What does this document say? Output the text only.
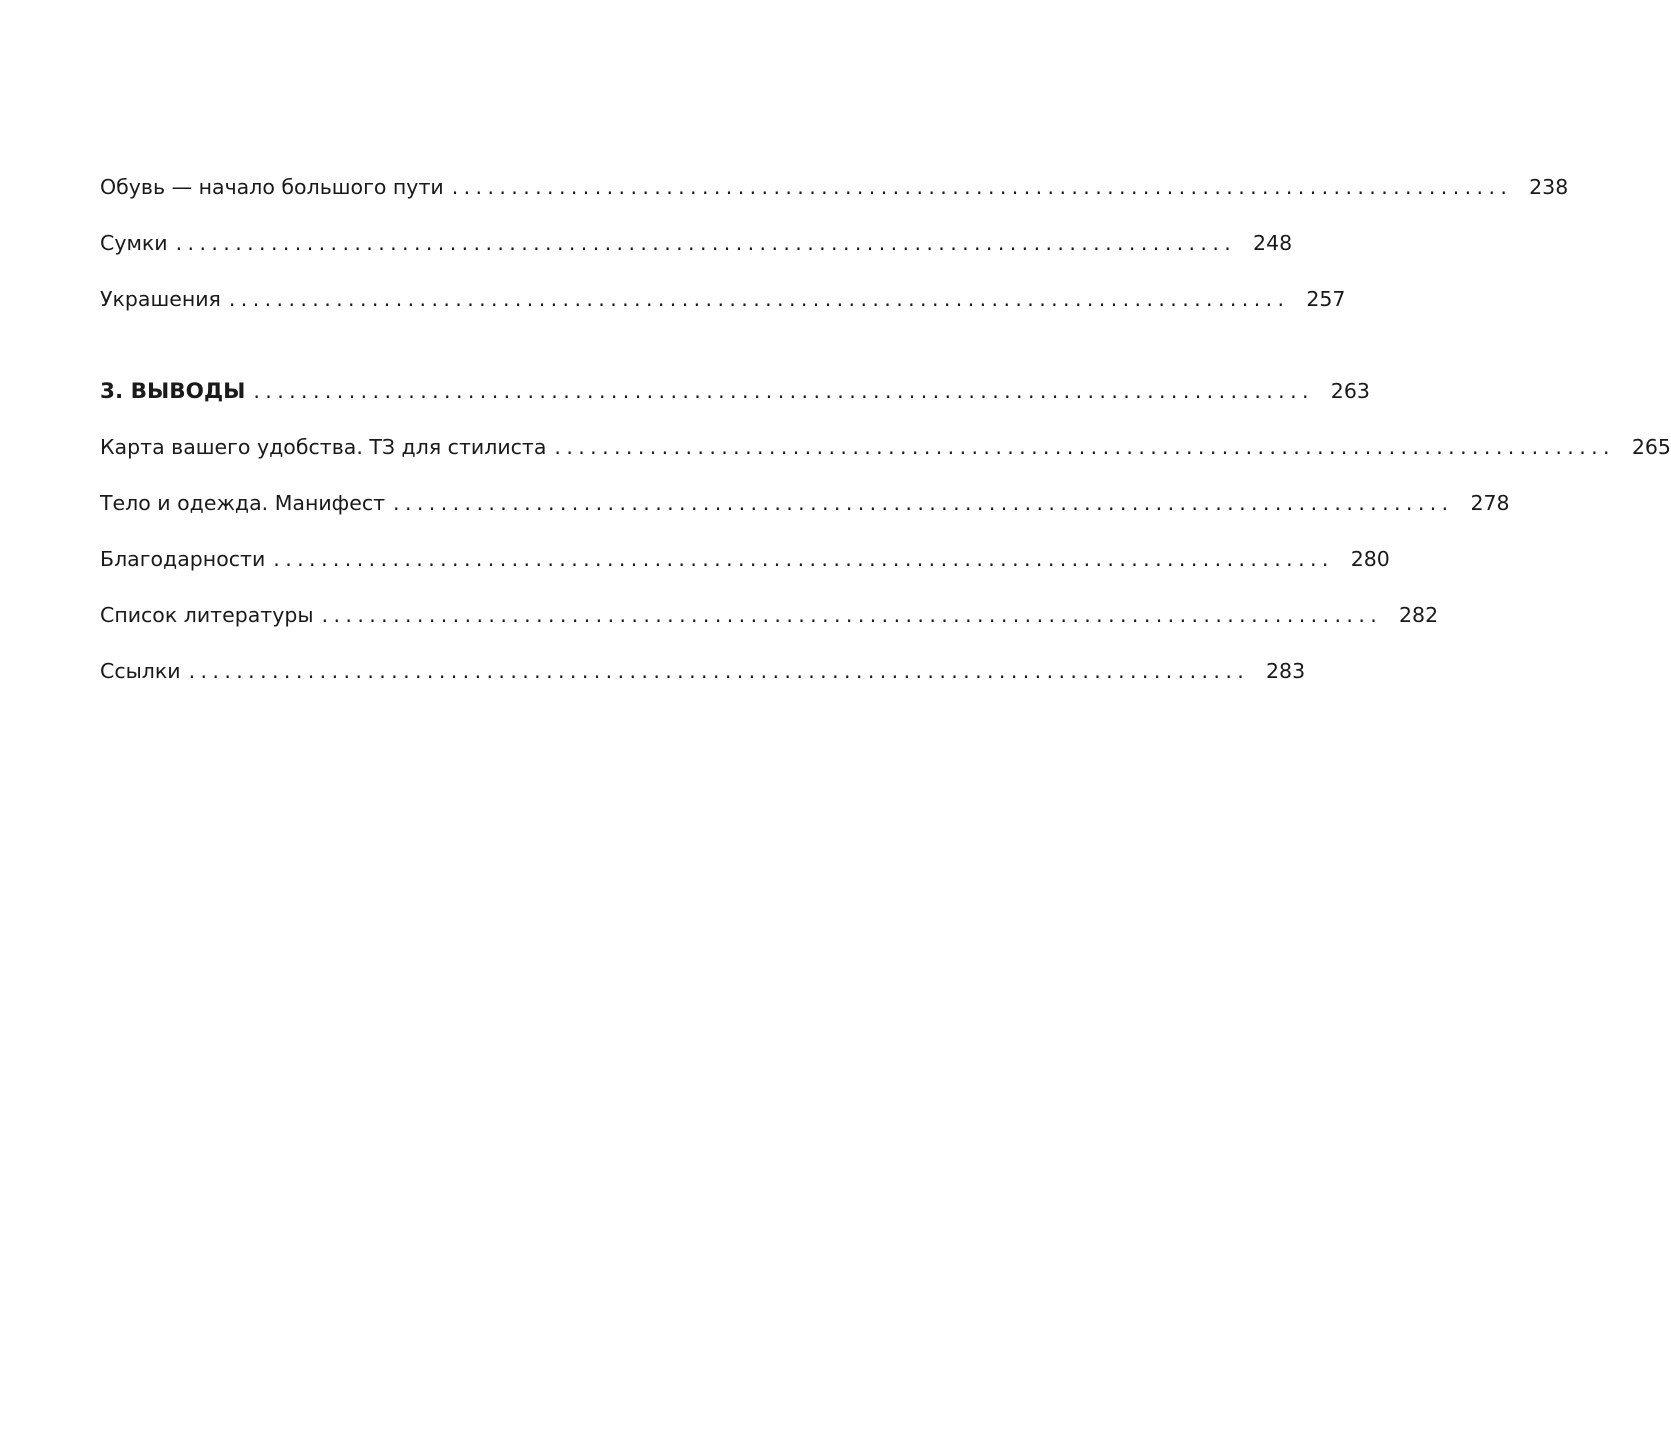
Обувь — начало большого пути ......................................................................................... 238
Сумки ......................................................................................... 248
Украшения ......................................................................................... 257
3. ВЫВОДЫ ......................................................................................... 263
Карта вашего удобства. ТЗ для стилиста ......................................................................................... 265
Тело и одежда. Манифест ......................................................................................... 278
Благодарности ......................................................................................... 280
Список литературы ......................................................................................... 282
Ссылки ......................................................................................... 283
